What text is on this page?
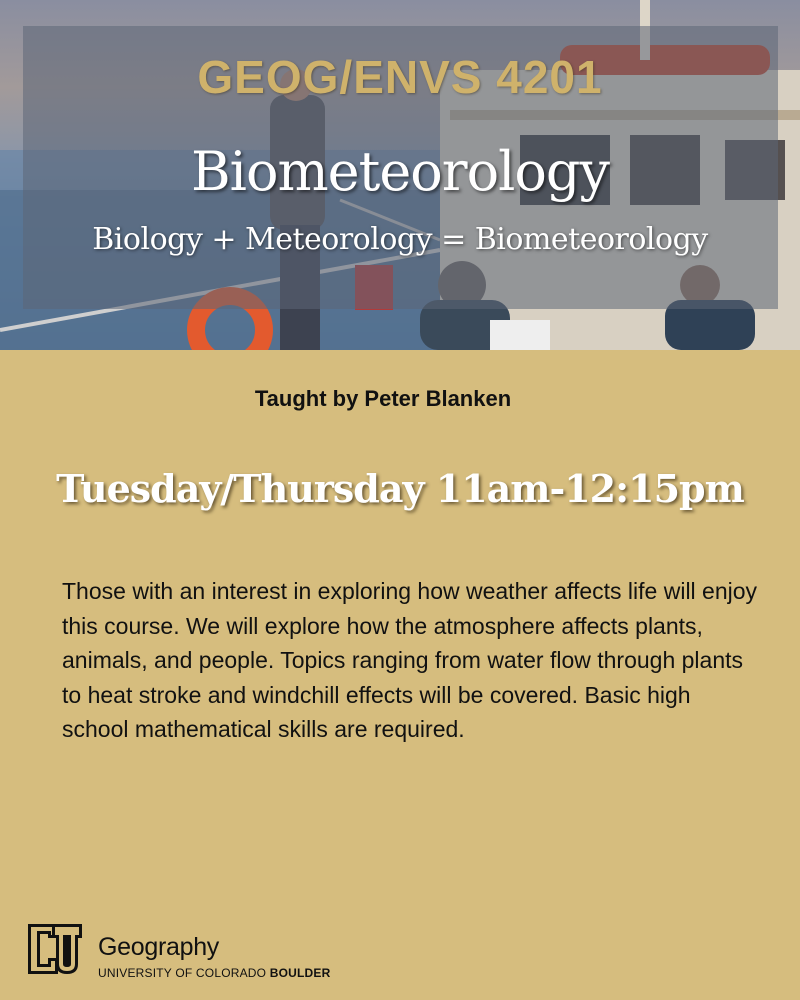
GEOG/ENVS 4201
Biometeorology
Biology + Meteorology = Biometeorology
Taught by Peter Blanken
Tuesday/Thursday 11am-12:15pm
Those with an interest in exploring how weather affects life will enjoy this course. We will explore how the atmosphere affects plants, animals, and people. Topics ranging from water flow through plants to heat stroke and windchill effects will be covered. Basic high school mathematical skills are required.
Geography
UNIVERSITY OF COLORADO BOULDER
